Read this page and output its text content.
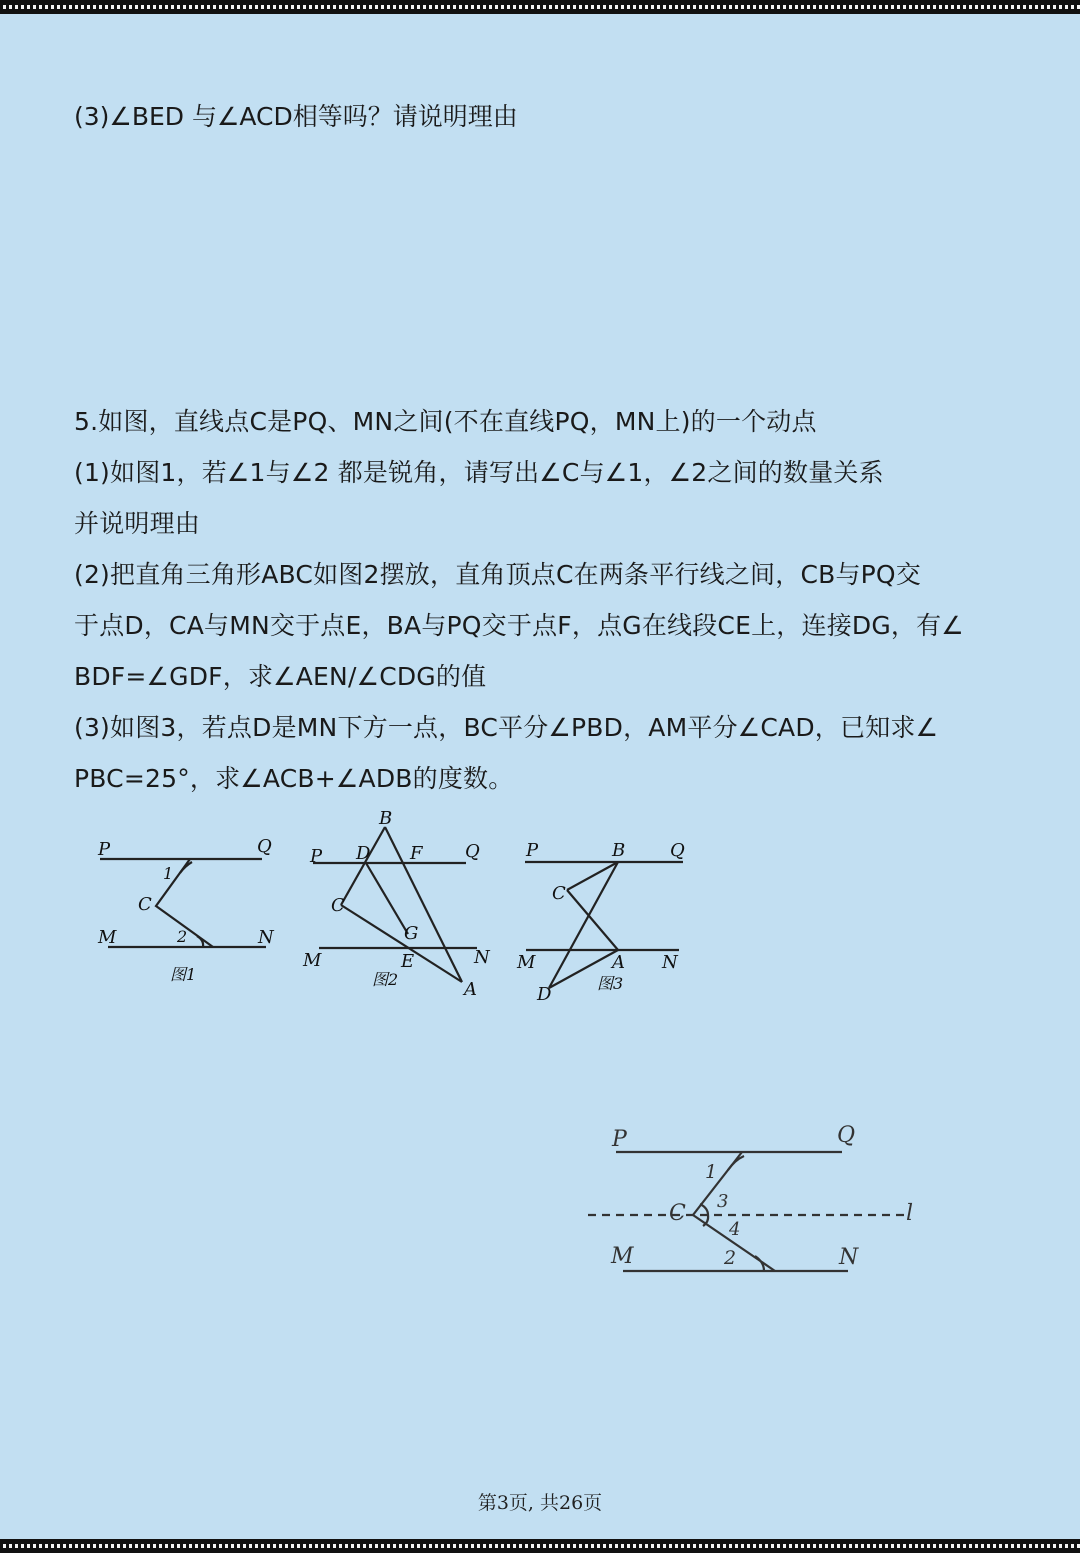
(3)∠BED 与∠ACD相等吗？请说明理由
5.如图，直线点C是PQ、MN之间(不在直线PQ，MN上)的一个动点
(1)如图1，若∠1与∠2 都是锐角，请写出∠C与∠1，∠2之间的数量关系
并说明理由
(2)把直角三角形ABC如图2摆放，直角顶点C在两条平行线之间，CB与PQ交
于点D，CA与MN交于点E，BA与PQ交于点F，点G在线段CE上，连接DG，有∠
BDF=∠GDF，求∠AEN/∠CDG的值
(3)如图3，若点D是MN下方一点，BC平分∠PBD，AM平分∠CAD，已知求∠
PBC=25°，求∠ACB+∠ADB的度数。
P	Q
1
C
M	2	N
图1
P
B
D F Q
C
G
M	E	N
A
图2
P	B Q
C
M	A N
D
图3
P	Q
1
3
C
4
l
M	2	N
第3页, 共26页
